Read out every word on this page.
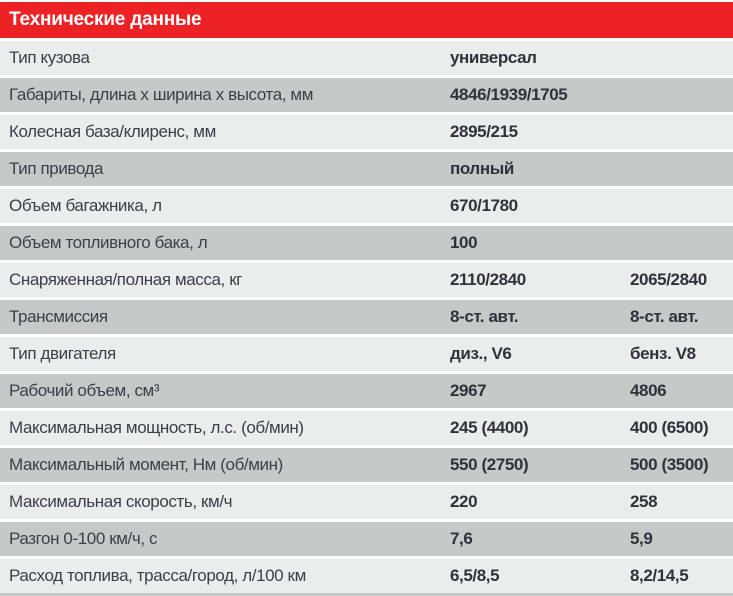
Технические данные
Тип кузова	универсал
Габариты, длина х ширина х высота, мм	4846/1939/1705
Колесная база/клиренс, мм	2895/215
Тип привода	полный
Объем багажника, л	670/1780
Объем топливного бака, л	100
Снаряженная/полная масса, кг	2110/2840	2065/2840
Трансмиссия	8-ст. авт.	8-ст. авт.
Тип двигателя	диз., V6	бенз. V8
Рабочий объем, см³	2967	4806
Максимальная мощность, л.с. (об/мин)	245 (4400)	400 (6500)
Максимальный момент, Нм (об/мин)	550 (2750)	500 (3500)
Максимальная скорость, км/ч	220	258
Разгон 0-100 км/ч, с	7,6	5,9
Расход топлива, трасса/город, л/100 км	6,5/8,5	8,2/14,5
